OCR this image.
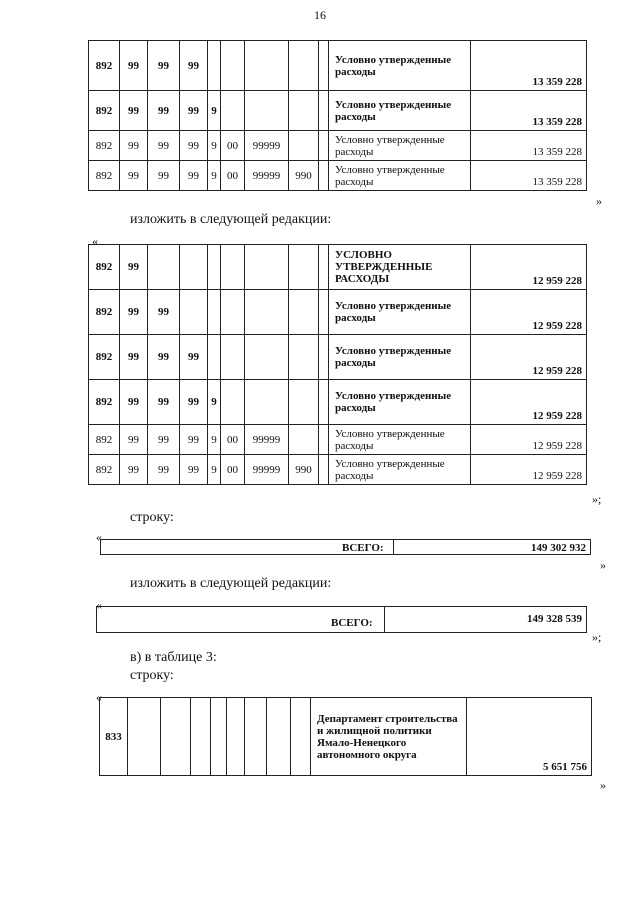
16
892	99	99	99						Условно утвержденные расходы	13 359 228
892	99	99	99	9					Условно утвержденные расходы	13 359 228
892	99	99	99	9	00	99999			Условно утвержденные расходы	13 359 228
892	99	99	99	9	00	99999	990		Условно утвержденные расходы	13 359 228
»
изложить в следующей редакции:
«
892	99								УСЛОВНО УТВЕРЖДЕННЫЕ РАСХОДЫ	12 959 228
892	99	99							Условно утвержденные расходы	12 959 228
892	99	99	99						Условно утвержденные расходы	12 959 228
892	99	99	99	9					Условно утвержденные расходы	12 959 228
892	99	99	99	9	00	99999			Условно утвержденные расходы	12 959 228
892	99	99	99	9	00	99999	990		Условно утвержденные расходы	12 959 228
»;
строку:
«
ВСЕГО:	149 302 932
»
изложить в следующей редакции:
«
ВСЕГО:	149 328 539
»;
в) в таблице 3:
строку:
«
833									Департамент строительства и жилищной политики Ямало-Ненецкого автономного округа	5 651 756
»
